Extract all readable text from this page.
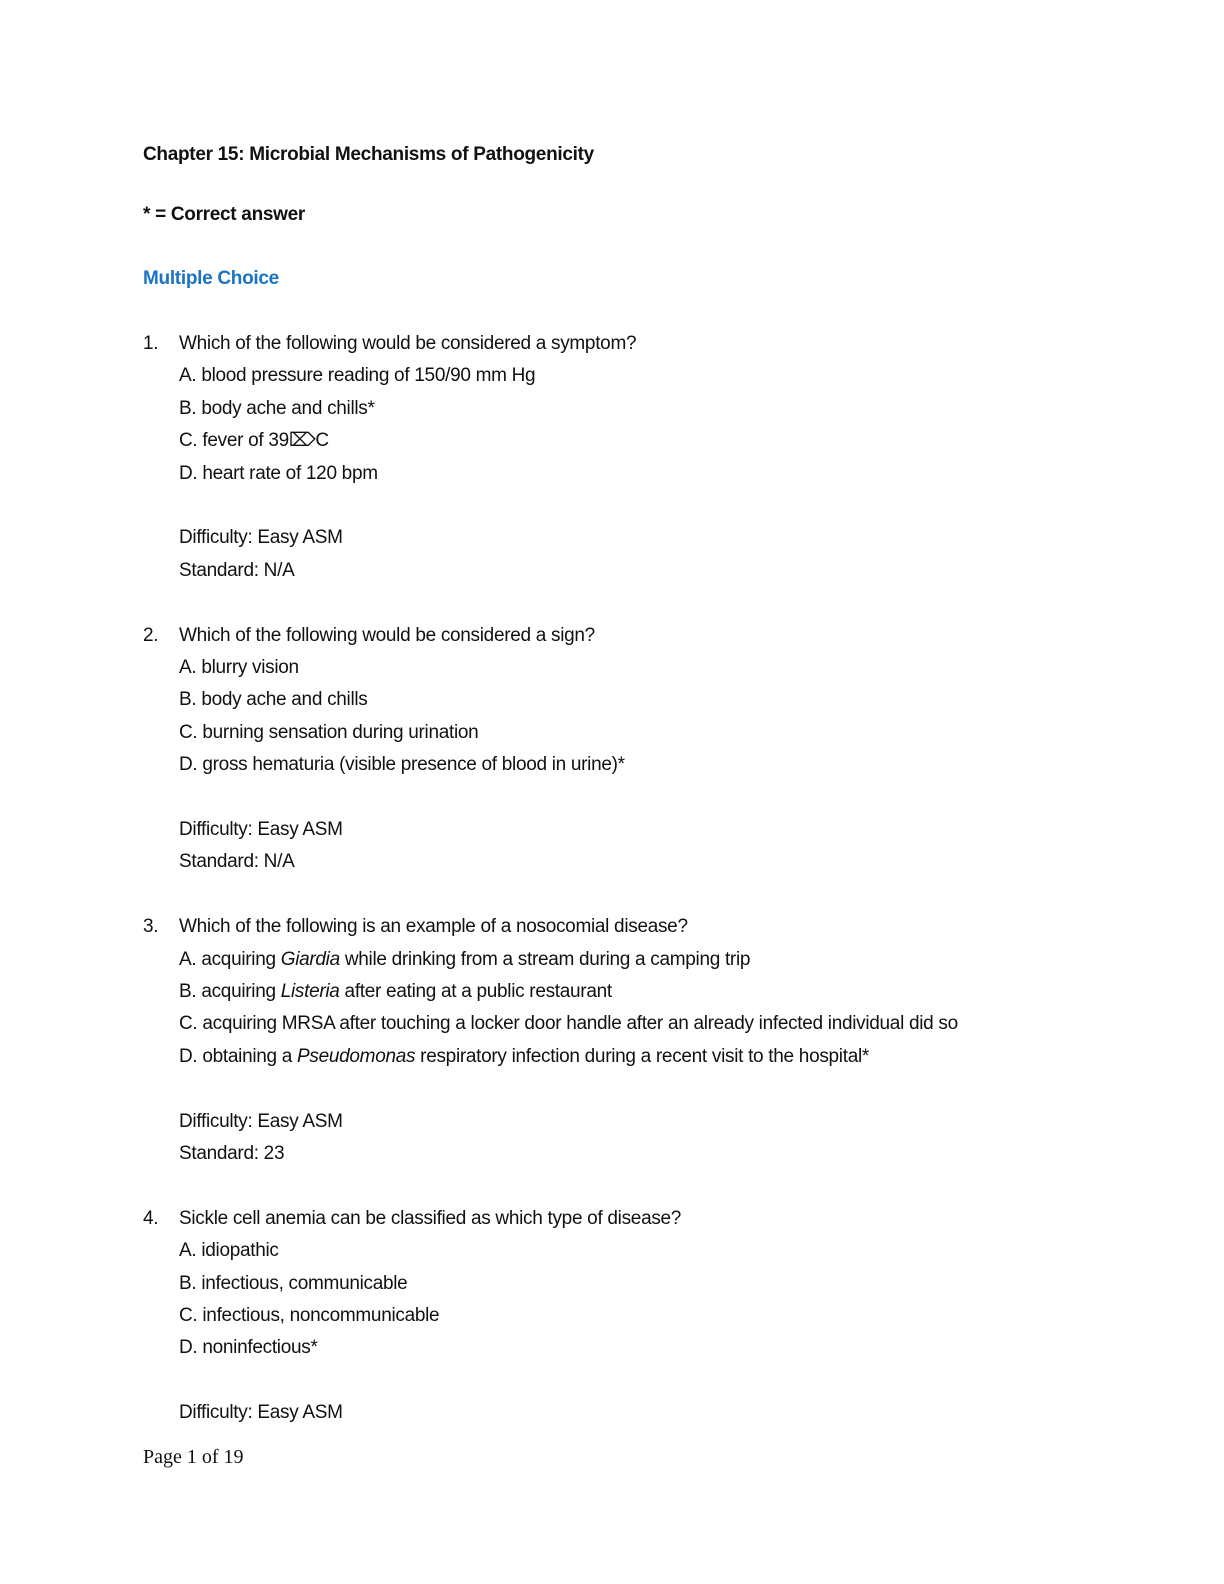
Chapter 15: Microbial Mechanisms of Pathogenicity
* = Correct answer
Multiple Choice
1. Which of the following would be considered a symptom?
A. blood pressure reading of 150/90 mm Hg
B. body ache and chills*
C. fever of 39⌦C
D. heart rate of 120 bpm
Difficulty: Easy ASM
Standard: N/A
2. Which of the following would be considered a sign?
A. blurry vision
B. body ache and chills
C. burning sensation during urination
D. gross hematuria (visible presence of blood in urine)*
Difficulty: Easy ASM
Standard: N/A
3. Which of the following is an example of a nosocomial disease?
A. acquiring Giardia while drinking from a stream during a camping trip
B. acquiring Listeria after eating at a public restaurant
C. acquiring MRSA after touching a locker door handle after an already infected individual did so
D. obtaining a Pseudomonas respiratory infection during a recent visit to the hospital*
Difficulty: Easy ASM
Standard: 23
4. Sickle cell anemia can be classified as which type of disease?
A. idiopathic
B. infectious, communicable
C. infectious, noncommunicable
D. noninfectious*
Difficulty: Easy ASM
Page 1 of 19
